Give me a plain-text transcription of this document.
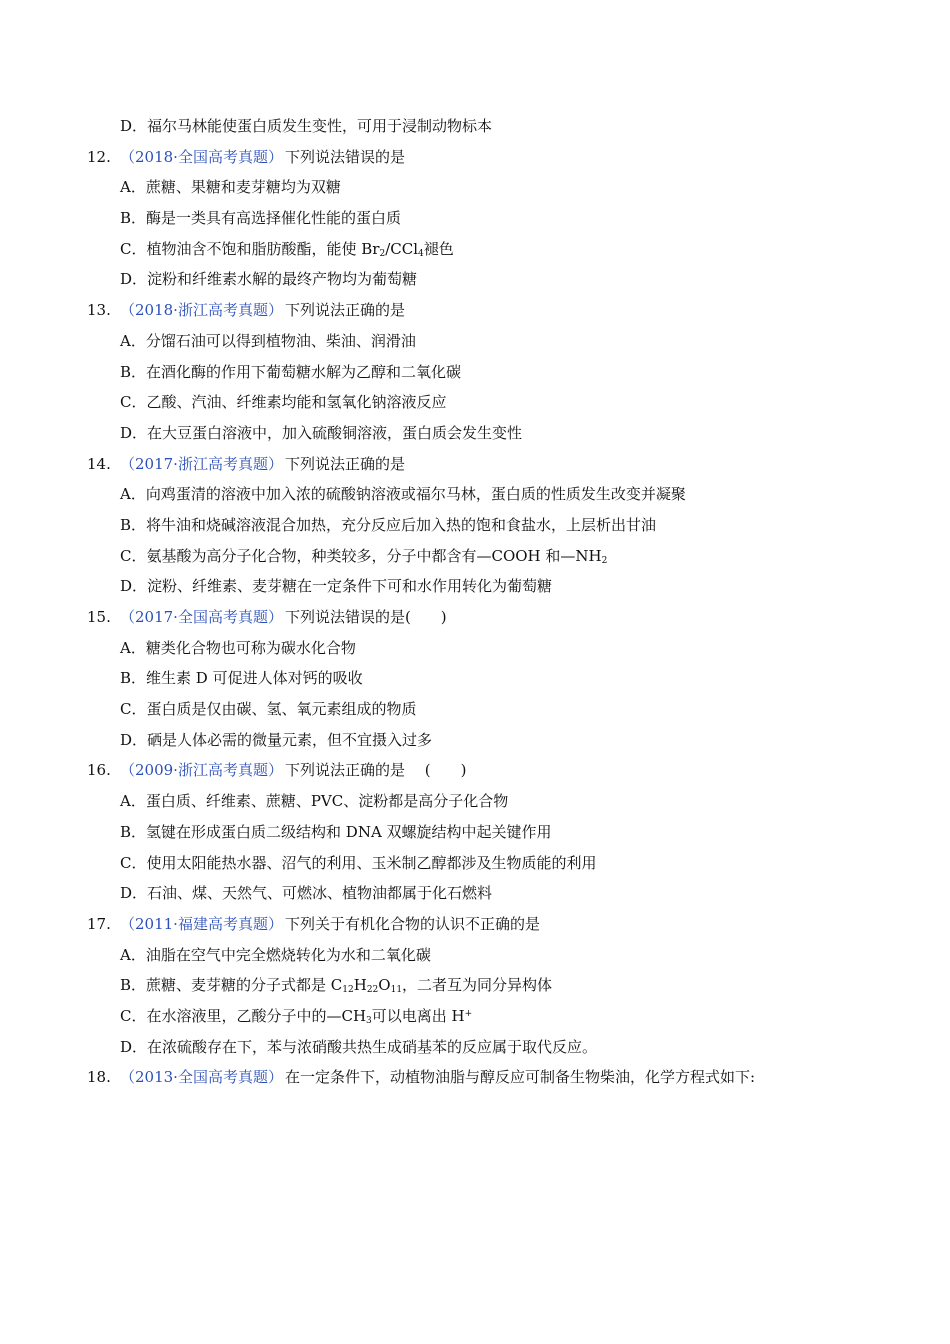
D．福尔马林能使蛋白质发生变性，可用于浸制动物标本
12. （2018·全国高考真题） 下列说法错误的是
A．蔗糖、果糖和麦芽糖均为双糖
B．酶是一类具有高选择催化性能的蛋白质
C．植物油含不饱和脂肪酸酯，能使 $Br_2/CCl_4$褪色
D．淀粉和纤维素水解的最终产物均为葡萄糖
13. （2018·浙江高考真题） 下列说法正确的是
A．分馏石油可以得到植物油、柴油、润滑油
B．在酒化酶的作用下葡萄糖水解为乙醇和二氧化碳
C．乙酸、汽油、纤维素均能和氢氧化钠溶液反应
D．在大豆蛋白溶液中，加入硫酸铜溶液，蛋白质会发生变性
14. （2017·浙江高考真题） 下列说法正确的是
A．向鸡蛋清的溶液中加入浓的硫酸钠溶液或福尔马林，蛋白质的性质发生改变并凝聚
B．将牛油和烧碱溶液混合加热，充分反应后加入热的饱和食盐水，上层析出甘油
C．氨基酸为高分子化合物，种类较多，分子中都含有—COOH 和$—NH_2$
D．淀粉、纤维素、麦芽糖在一定条件下可和水作用转化为葡萄糖
15. （2017·全国高考真题） 下列说法错误的是(　　)
A．糖类化合物也可称为碳水化合物
B．维生素 D 可促进人体对钙的吸收
C．蛋白质是仅由碳、氢、氧元素组成的物质
D．硒是人体必需的微量元素，但不宜摄入过多
16. （2009·浙江高考真题） 下列说法正确的是　 (　　)
A．蛋白质、纤维素、蔗糖、PVC、淀粉都是高分子化合物
B．氢键在形成蛋白质二级结构和 DNA 双螺旋结构中起关键作用
C．使用太阳能热水器、沼气的利用、玉米制乙醇都涉及生物质能的利用
D．石油、煤、天然气、可燃冰、植物油都属于化石燃料
17. （2011·福建高考真题） 下列关于有机化合物的认识不正确的是
A．油脂在空气中完全燃烧转化为水和二氧化碳
B．蔗糖、麦芽糖的分子式都是 $C_{12}H_{22}O_{11}$，二者互为同分异构体
C．在水溶液里，乙酸分子中的$—CH_3$可以电离出 H+
D．在浓硫酸存在下，苯与浓硝酸共热生成硝基苯的反应属于取代反应。
18. （2013·全国高考真题） 在一定条件下，动植物油脂与醇反应可制备生物柴油，化学方程式如下:
